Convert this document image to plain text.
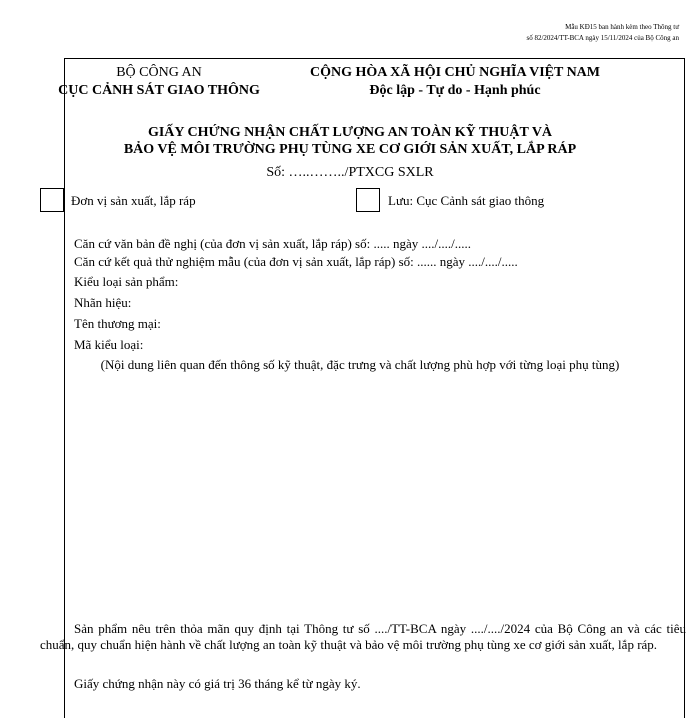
Mẫu KĐ15 ban hành kèm theo Thông tư
số 82/2024/TT-BCA ngày 15/11/2024 của Bộ Công an
BỘ CÔNG AN
CỤC CẢNH SÁT GIAO THÔNG
CỘNG HÒA XÃ HỘI CHỦ NGHĨA VIỆT NAM
Độc lập - Tự do - Hạnh phúc
GIẤY CHỨNG NHẬN CHẤT LƯỢNG AN TOÀN KỸ THUẬT VÀ
BẢO VỆ MÔI TRƯỜNG PHỤ TÙNG XE CƠ GIỚI SẢN XUẤT, LẮP RÁP
Số: …..……../PTXCG SXLR
Đơn vị sản xuất, lắp ráp	Lưu: Cục Cảnh sát giao thông
Căn cứ văn bản đề nghị (của đơn vị sản xuất, lắp ráp) số: ..... ngày ..../..../.....
Căn cứ kết quả thử nghiệm mẫu (của đơn vị sản xuất, lắp ráp) số: ...... ngày ..../..../.....
Kiểu loại sản phẩm:
Nhãn hiệu:
Tên thương mại:
Mã kiểu loại:
(Nội dung liên quan đến thông số kỹ thuật, đặc trưng và chất lượng phù hợp với từng loại phụ tùng)
Sản phẩm nêu trên thỏa mãn quy định tại Thông tư số ..../TT-BCA ngày ..../..../2024 của Bộ Công an và các tiêu chuẩn, quy chuẩn hiện hành về chất lượng an toàn kỹ thuật và bảo vệ môi trường phụ tùng xe cơ giới sản xuất, lắp ráp.
Giấy chứng nhận này có giá trị 36 tháng kể từ ngày ký.
